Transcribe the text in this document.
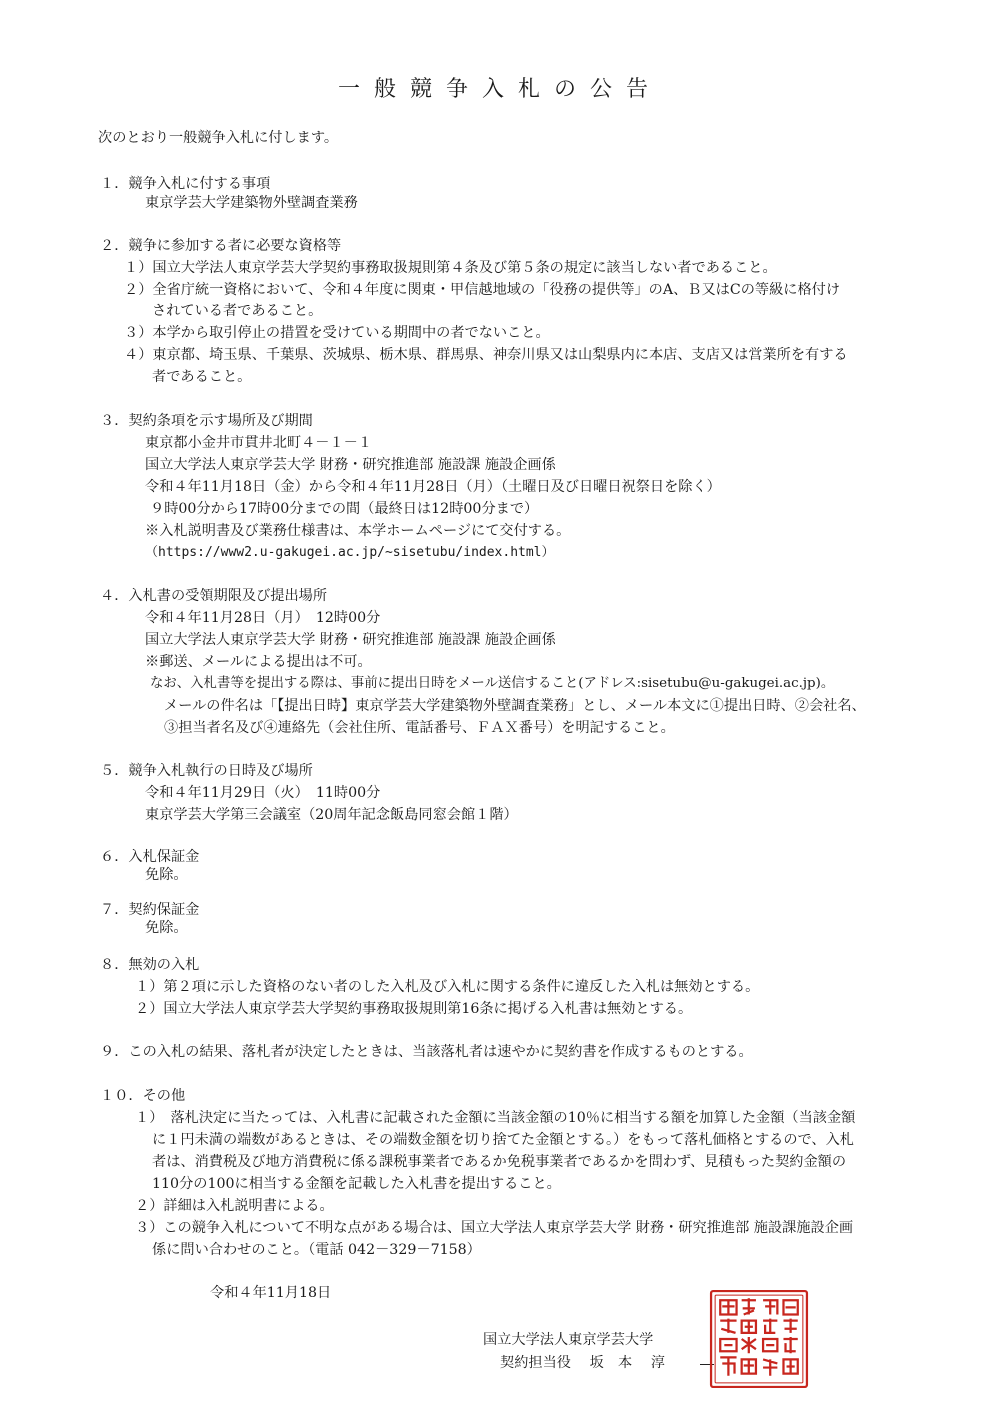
一般競争入札の公告
次のとおり一般競争入札に付します。
１．競争入札に付する事項
東京学芸大学建築物外壁調査業務
２．競争に参加する者に必要な資格等
１）国立大学法人東京学芸大学契約事務取扱規則第４条及び第５条の規定に該当しない者であること。
２）全省庁統一資格において、令和４年度に関東・甲信越地域の「役務の提供等」のA、Ｂ又はCの等級に格付け
されている者であること。
３）本学から取引停止の措置を受けている期間中の者でないこと。
４）東京都、埼玉県、千葉県、茨城県、栃木県、群馬県、神奈川県又は山梨県内に本店、支店又は営業所を有する
者であること。
３．契約条項を示す場所及び期間
東京都小金井市貫井北町４－１－１
国立大学法人東京学芸大学 財務・研究推進部 施設課 施設企画係
令和４年11月18日（金）から令和４年11月28日（月）（土曜日及び日曜日祝祭日を除く）
９時00分から17時00分までの間（最終日は12時00分まで）
※入札説明書及び業務仕様書は、本学ホームページにて交付する。
（https://www2.u-gakugei.ac.jp/~sisetubu/index.html）
４．入札書の受領期限及び提出場所
令和４年11月28日（月）　12時00分
国立大学法人東京学芸大学 財務・研究推進部 施設課 施設企画係
※郵送、メールによる提出は不可。
なお、入札書等を提出する際は、事前に提出日時をメール送信すること(アドレス:sisetubu@u-gakugei.ac.jp)。
メールの件名は「【提出日時】東京学芸大学建築物外壁調査業務」とし、メール本文に①提出日時、②会社名、
③担当者名及び④連絡先（会社住所、電話番号、ＦＡＸ番号）を明記すること。
５．競争入札執行の日時及び場所
令和４年11月29日（火）　11時00分
東京学芸大学第三会議室（20周年記念飯島同窓会館１階）
６．入札保証金
免除。
７．契約保証金
免除。
８．無効の入札
１）第２項に示した資格のない者のした入札及び入札に関する条件に違反した入札は無効とする。
２）国立大学法人東京学芸大学契約事務取扱規則第16条に掲げる入札書は無効とする。
９．この入札の結果、落札者が決定したときは、当該落札者は速やかに契約書を作成するものとする。
１０．その他
１）　落札決定に当たっては、入札書に記載された金額に当該金額の10％に相当する額を加算した金額（当該金額
に１円未満の端数があるときは、その端数金額を切り捨てた金額とする。）をもって落札価格とするので、入札
者は、消費税及び地方消費税に係る課税事業者であるか免税事業者であるかを問わず、見積もった契約金額の
110分の100に相当する金額を記載した入札書を提出すること。
２）詳細は入札説明書による。
３）この競争入札について不明な点がある場合は、国立大学法人東京学芸大学 財務・研究推進部 施設課施設企画
係に問い合わせのこと。（電話 042－329－7158）
令和４年11月18日
国立大学法人東京学芸大学
契約担当役　 坂　本　 淳
